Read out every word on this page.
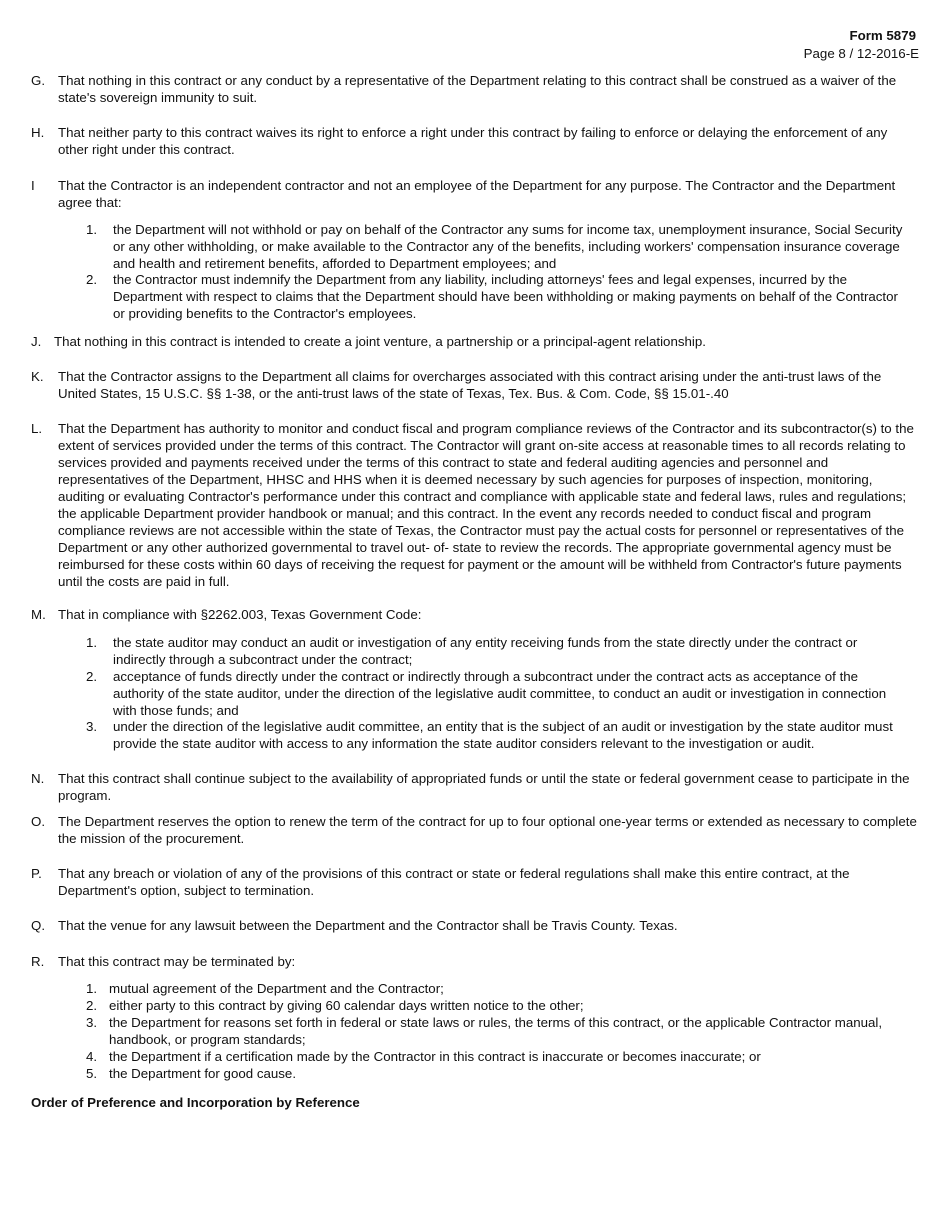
Form 5879
Page 8 / 12-2016-E
G. That nothing in this contract or any conduct by a representative of the Department relating to this contract shall be construed as a waiver of the state's sovereign immunity to suit.
H.	That neither party to this contract waives its right to enforce a right under this contract by failing to enforce or delaying the enforcement of any other right under this contract.
I	That the Contractor is an independent contractor and not an employee of the Department for any purpose. The Contractor and the Department agree that:
1.	the Department will not withhold or pay on behalf of the Contractor any sums for income tax, unemployment insurance, Social Security or any other withholding, or make available to the Contractor any of the benefits, including workers' compensation insurance coverage and health and retirement benefits, afforded to Department employees; and
2.	the Contractor must indemnify the Department from any liability, including attorneys' fees and legal expenses, incurred by the Department with respect to claims that the Department should have been withholding or making payments on behalf of the Contractor or providing benefits to the Contractor's employees.
J. That nothing in this contract is intended to create a joint venture, a partnership or a principal-agent relationship.
K.	That the Contractor assigns to the Department all claims for overcharges associated with this contract arising under the anti-trust laws of the United States, 15 U.S.C. §§ 1-38, or the anti-trust laws of the state of Texas, Tex. Bus. & Com. Code, §§ 15.01-.40
L.	That the Department has authority to monitor and conduct fiscal and program compliance reviews of the Contractor and its subcontractor(s) to the extent of services provided under the terms of this contract. The Contractor will grant on-site access at reasonable times to all records relating to services provided and payments received under the terms of this contract to state and federal auditing agencies and personnel and representatives of the Department, HHSC and HHS when it is deemed necessary by such agencies for purposes of inspection, monitoring, auditing or evaluating Contractor's performance under this contract and compliance with applicable state and federal laws, rules and regulations; the applicable Department provider handbook or manual; and this contract. In the event any records needed to conduct fiscal and program compliance reviews are not accessible within the state of Texas, the Contractor must pay the actual costs for personnel or representatives of the Department or any other authorized governmental to travel out- of- state to review the records. The appropriate governmental agency must be reimbursed for these costs within 60 days of receiving the request for payment or the amount will be withheld from Contractor's future payments until the costs are paid in full.
M. That in compliance with §2262.003, Texas Government Code:
1.	the state auditor may conduct an audit or investigation of any entity receiving funds from the state directly under the contract or indirectly through a subcontract under the contract;
2.	acceptance of funds directly under the contract or indirectly through a subcontract under the contract acts as acceptance of the authority of the state auditor, under the direction of the legislative audit committee, to conduct an audit or investigation in connection with those funds; and
3.	under the direction of the legislative audit committee, an entity that is the subject of an audit or investigation by the state auditor must provide the state auditor with access to any information the state auditor considers relevant to the investigation or audit.
N.	That this contract shall continue subject to the availability of appropriated funds or until the state or federal government cease to participate in the program.
O. The Department reserves the option to renew the term of the contract for up to four optional one-year terms or extended as necessary to complete the mission of the procurement.
P.	That any breach or violation of any of the provisions of this contract or state or federal regulations shall make this entire contract, at the Department's option, subject to termination.
Q. That the venue for any lawsuit between the Department and the Contractor shall be Travis County. Texas.
R.	That this contract may be terminated by:
1. mutual agreement of the Department and the Contractor;
2. either party to this contract by giving 60 calendar days written notice to the other;
3. the Department for reasons set forth in federal or state laws or rules, the terms of this contract, or the applicable Contractor manual, handbook, or program standards;
4. the Department if a certification made by the Contractor in this contract is inaccurate or becomes inaccurate; or
5. the Department for good cause.
Order of Preference and Incorporation by Reference
